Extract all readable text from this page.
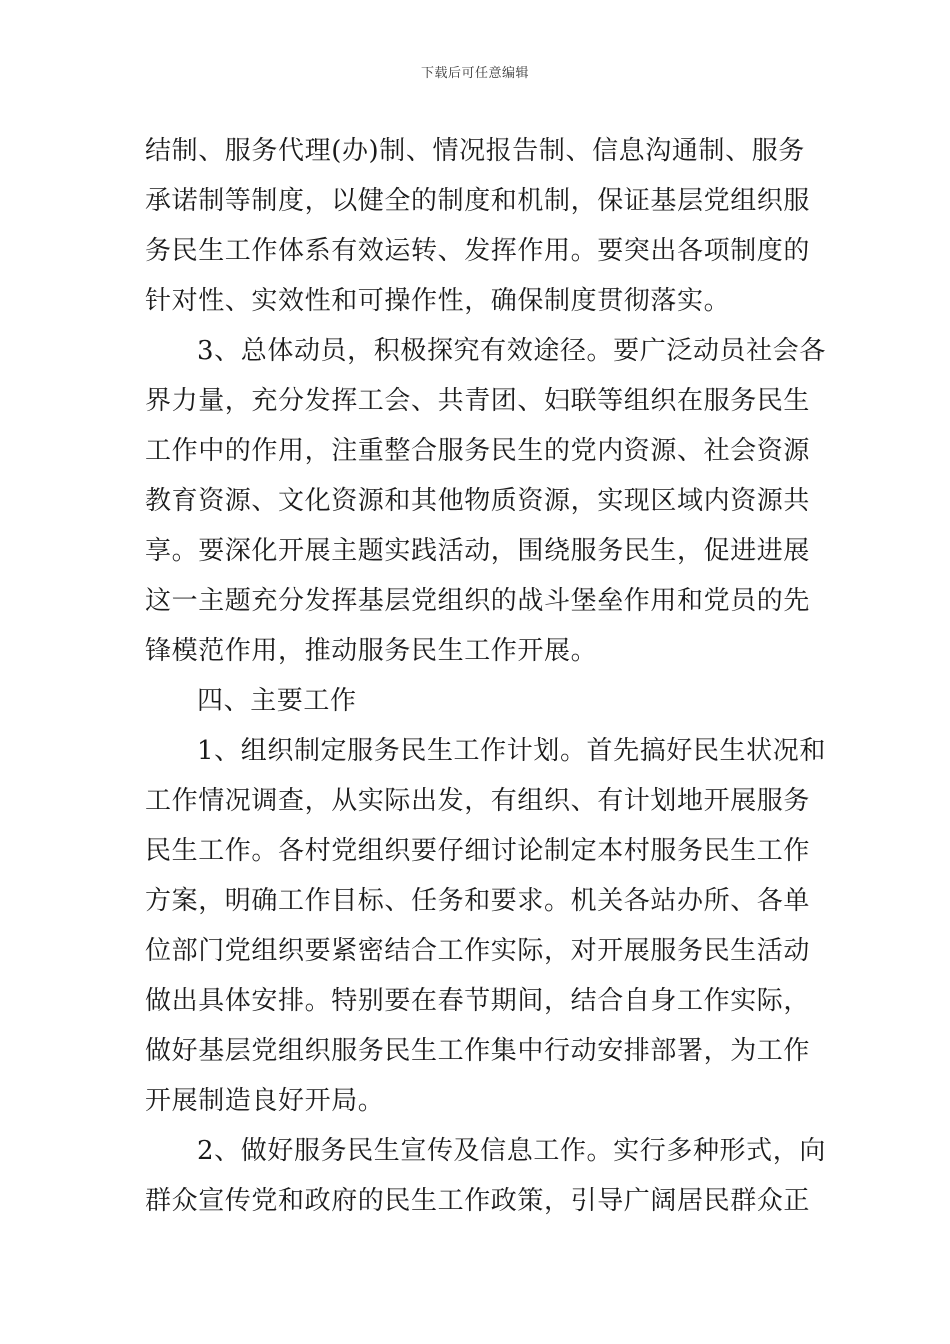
下载后可任意编辑
结制、服务代理(办)制、情况报告制、信息沟通制、服务
承诺制等制度，以健全的制度和机制，保证基层党组织服
务民生工作体系有效运转、发挥作用。要突出各项制度的
针对性、实效性和可操作性，确保制度贯彻落实。
3、总体动员，积极探究有效途径。要广泛动员社会各
界力量，充分发挥工会、共青团、妇联等组织在服务民生
工作中的作用，注重整合服务民生的党内资源、社会资源
教育资源、文化资源和其他物质资源，实现区域内资源共
享。要深化开展主题实践活动，围绕服务民生，促进进展
这一主题充分发挥基层党组织的战斗堡垒作用和党员的先
锋模范作用，推动服务民生工作开展。
四、主要工作
1、组织制定服务民生工作计划。首先搞好民生状况和
工作情况调查，从实际出发，有组织、有计划地开展服务
民生工作。各村党组织要仔细讨论制定本村服务民生工作
方案，明确工作目标、任务和要求。机关各站办所、各单
位部门党组织要紧密结合工作实际，对开展服务民生活动
做出具体安排。特别要在春节期间，结合自身工作实际，
做好基层党组织服务民生工作集中行动安排部署，为工作
开展制造良好开局。
2、做好服务民生宣传及信息工作。实行多种形式，向
群众宣传党和政府的民生工作政策，引导广阔居民群众正
